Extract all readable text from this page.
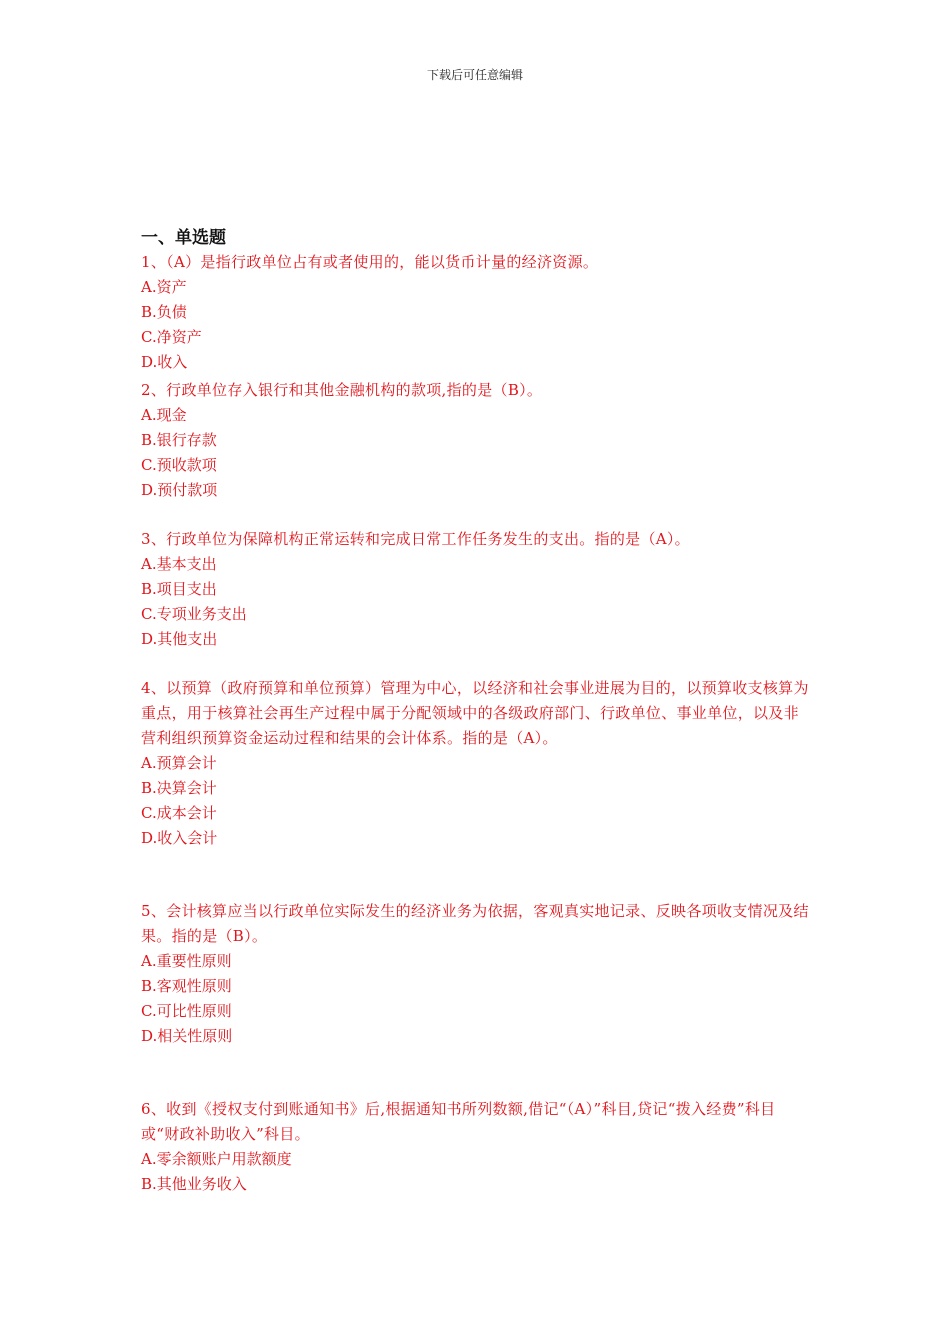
下载后可任意编辑
一、单选题
1、（A）是指行政单位占有或者使用的，能以货币计量的经济资源。
A.资产
B.负债
C.净资产
D.收入
2、行政单位存入银行和其他金融机构的款项,指的是（B）。
A.现金
B.银行存款
C.预收款项
D.预付款项
3、行政单位为保障机构正常运转和完成日常工作任务发生的支出。指的是（A）。
A.基本支出
B.项目支出
C.专项业务支出
D.其他支出
4、以预算（政府预算和单位预算）管理为中心，以经济和社会事业进展为目的，以预算收支核算为重点，用于核算社会再生产过程中属于分配领域中的各级政府部门、行政单位、事业单位，以及非营利组织预算资金运动过程和结果的会计体系。指的是（A）。
A.预算会计
B.决算会计
C.成本会计
D.收入会计
5、会计核算应当以行政单位实际发生的经济业务为依据，客观真实地记录、反映各项收支情况及结果。指的是（B）。
A.重要性原则
B.客观性原则
C.可比性原则
D.相关性原则
6、收到《授权支付到账通知书》后,根据通知书所列数额,借记“（A）”科目,贷记“拨入经费”科目或“财政补助收入”科目。
A.零余额账户用款额度
B.其他业务收入
